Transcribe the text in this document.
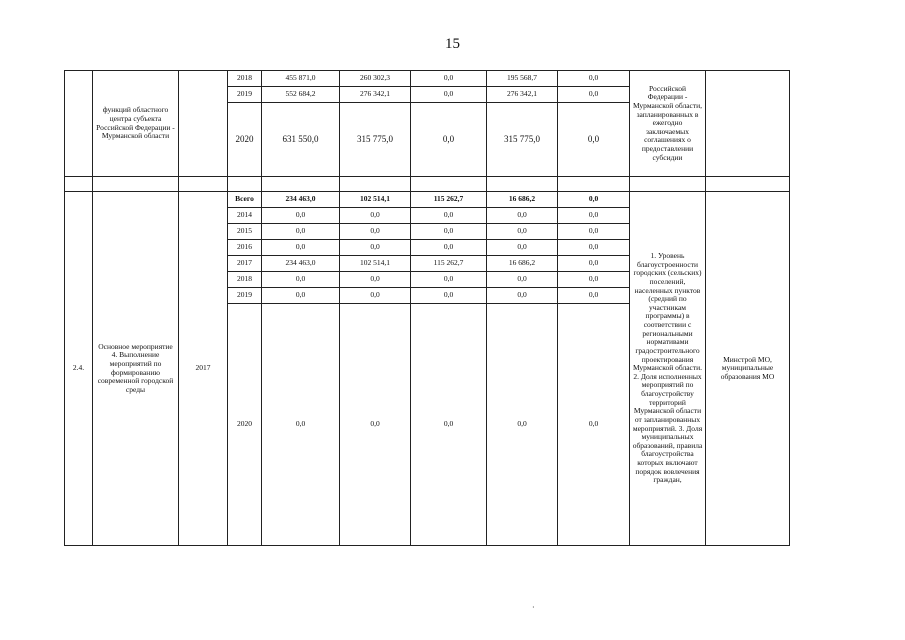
15
	функций областного центра субъекта Российской Федерации - Мурманской области		2018	455 871,0	260 302,3	0,0	195 568,7	0,0	Российской Федерации - Мурманской области, запланированных в ежегодно заключаемых соглашениях о предоставлении субсидии	
			2019	552 684,2	276 342,1	0,0	276 342,1	0,0		
			2020	631 550,0	315 775,0	0,0	315 775,0	0,0		

2.4.	Основное мероприятие 4. Выполнение мероприятий по формированию современной городской среды	2017	Всего	234 463,0	102 514,1	115 262,7	16 686,2	0,0	1. Уровень благоустроенности городских (сельских) поселений, населенных пунктов (средний по участникам программы) в соответствии с региональными нормативами градостроительного проектирования Мурманской области. 2. Доля исполненных мероприятий по благоустройству территорий Мурманской области от запланированных мероприятий. 3. Доля муниципальных образований, правила благоустройства которых включают порядок вовлечения граждан,	Минстрой МО, муниципальные образования МО
			2014	0,0	0,0	0,0	0,0	0,0		
			2015	0,0	0,0	0,0	0,0	0,0		
			2016	0,0	0,0	0,0	0,0	0,0		
			2017	234 463,0	102 514,1	115 262,7	16 686,2	0,0		
			2018	0,0	0,0	0,0	0,0	0,0		
			2019	0,0	0,0	0,0	0,0	0,0		
			2020	0,0	0,0	0,0	0,0	0,0		
·
